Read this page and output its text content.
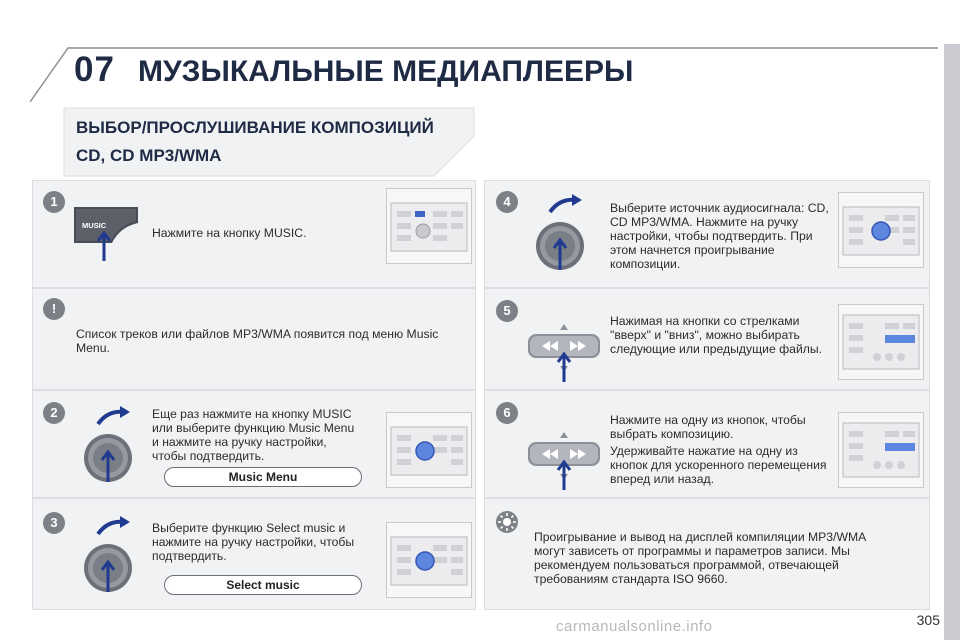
07 МУЗЫКАЛЬНЫЕ МЕДИАПЛЕЕРЫ
ВЫБОР/ПРОСЛУШИВАНИЕ КОМПОЗИЦИЙ
CD, CD MP3/WMA
1
MUSIC
Нажмите на кнопку MUSIC.
!
Список треков или файлов MP3/WMA появится под меню Music Menu.
2	Еще раз нажмите на кнопку MUSIC или выберите функцию Music Menu и нажмите на ручку настройки, чтобы подтвердить.
Music Menu
3	Выберите функцию Select music и нажмите на ручку настройки, чтобы подтвердить.
Select music
4	Выберите источник аудиосигнала: CD, CD MP3/WMA. Нажмите на ручку настройки, чтобы подтвердить. При этом начнется проигрывание композиции.
5
Нажимая на кнопки со стрелками "вверх" и "вниз", можно выбирать следующие или предыдущие файлы.
6	Нажмите на одну из кнопок, чтобы выбрать композицию.
Удерживайте нажатие на одну из кнопок для ускоренного перемещения вперед или назад.
Проигрывание и вывод на дисплей компиляции MP3/WMA могут зависеть от программы и параметров записи. Мы рекомендуем пользоваться программой, отвечающей требованиям стандарта ISO 9660.
carmanualsonline.info	305
